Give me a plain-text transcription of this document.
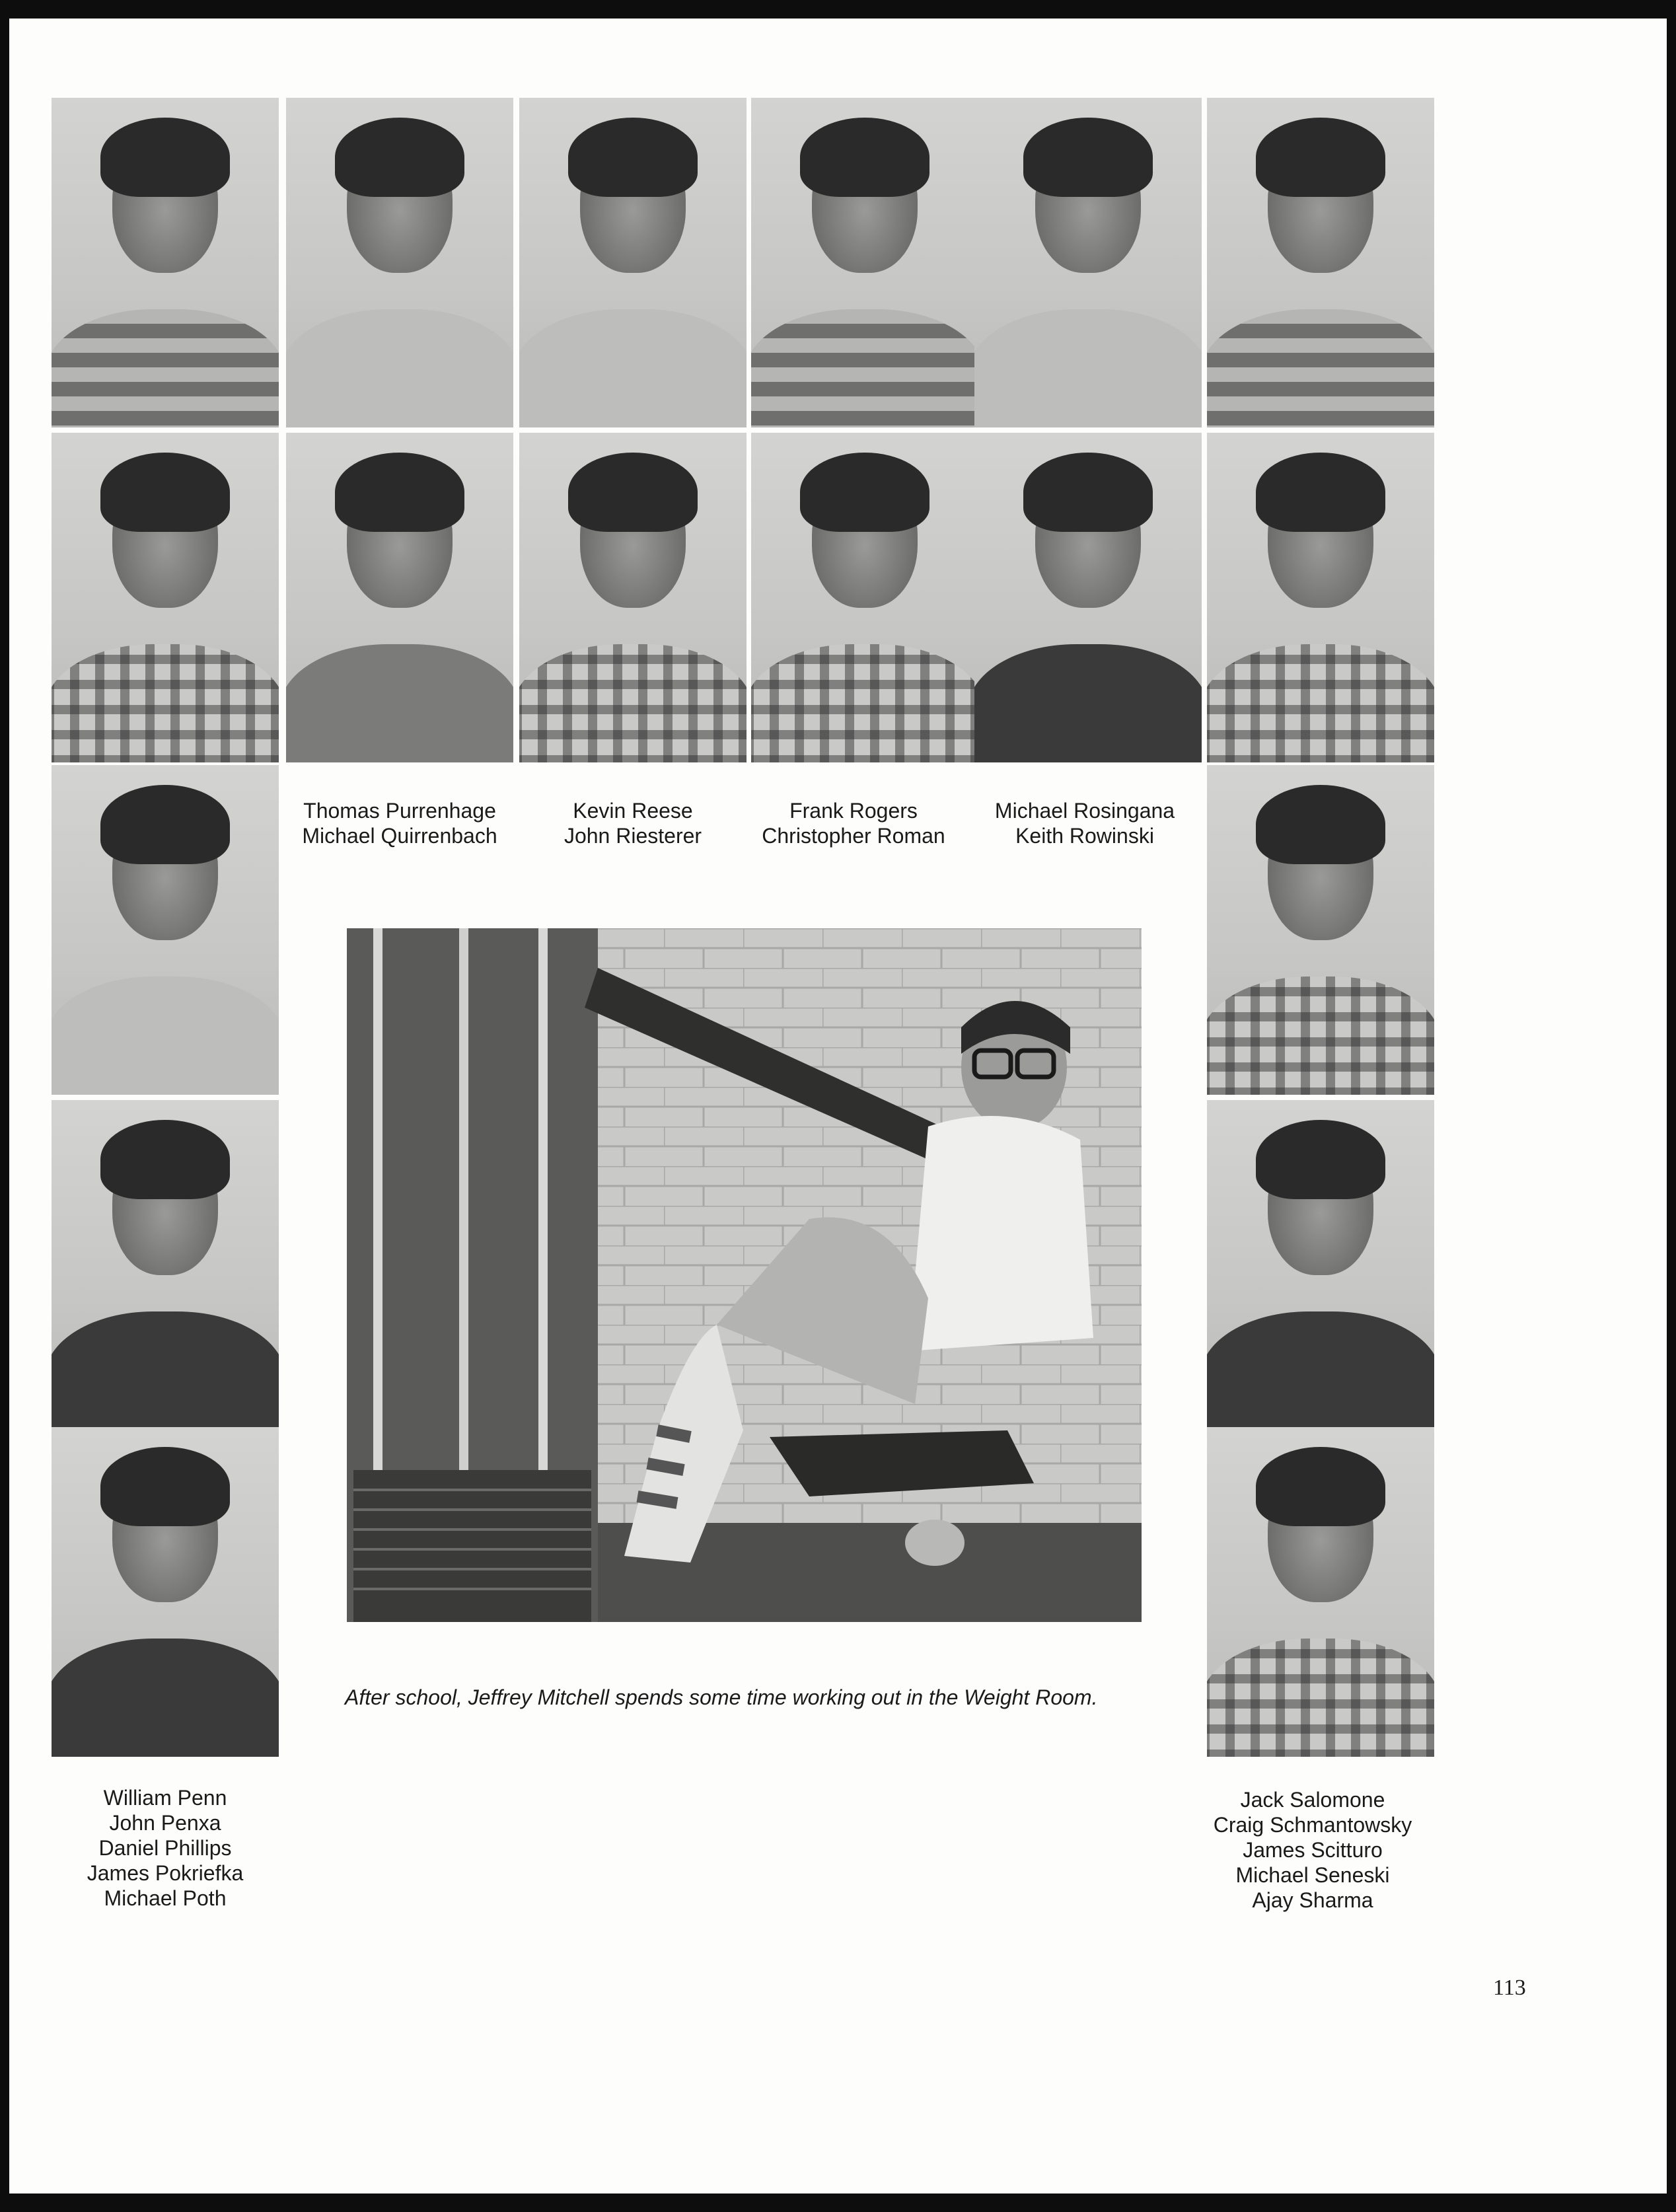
Thomas Purrenhage
Michael Quirrenbach
Kevin Reese
John Riesterer
Frank Rogers
Christopher Roman
Michael Rosingana
Keith Rowinski
After school, Jeffrey Mitchell spends some time working out in the Weight Room.
William Penn
John Penxa
Daniel Phillips
James Pokriefka
Michael Poth
Jack Salomone
Craig Schmantowsky
James Scitturo
Michael Seneski
Ajay Sharma
113
